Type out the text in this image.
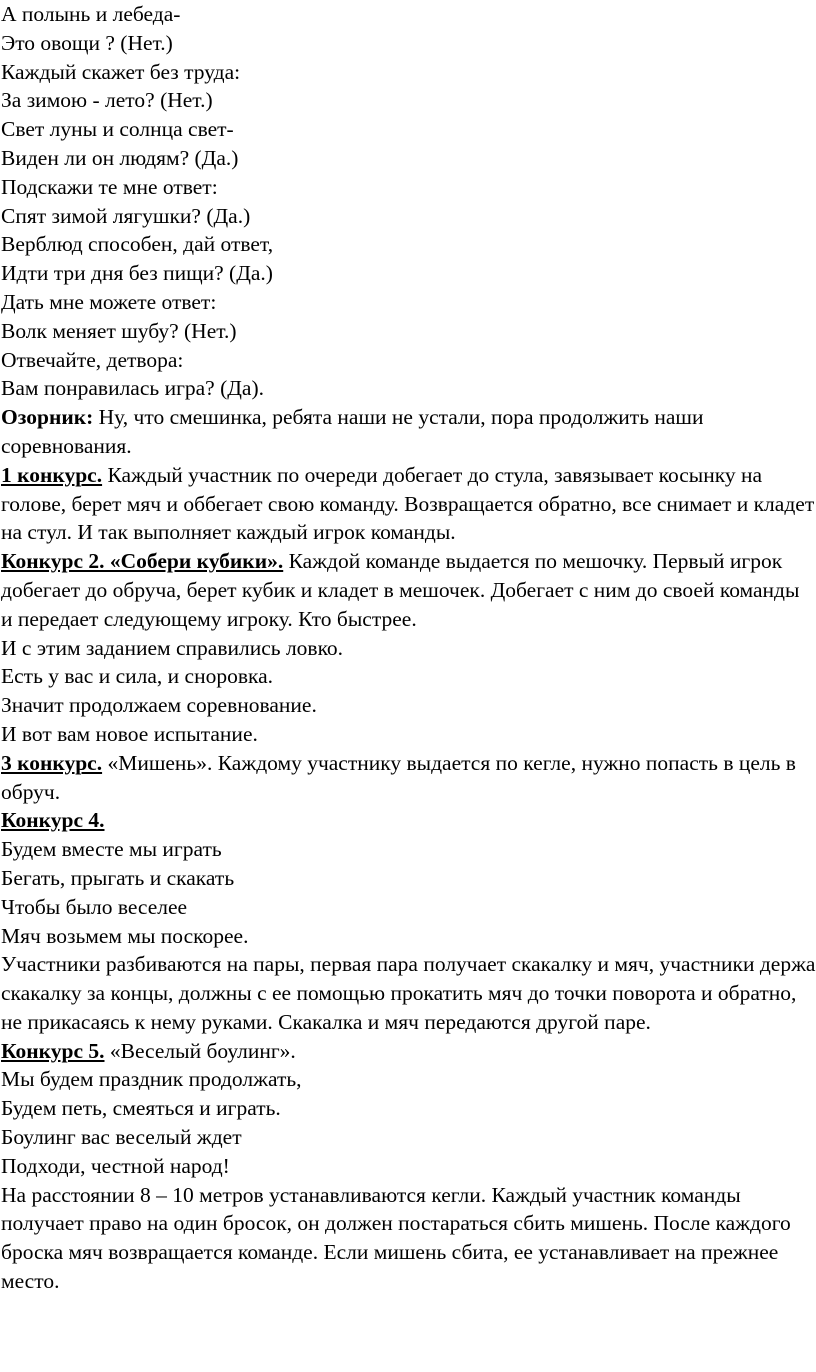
А полынь и лебеда-

Это овощи ? (Нет.)

Каждый скажет без труда:

За зимою - лето? (Нет.)

Свет луны и солнца свет-

Виден ли он людям? (Да.)

Подскажи те мне ответ:

Спят зимой лягушки? (Да.)

Верблюд способен, дай ответ,

Идти три дня без пищи? (Да.)

Дать мне можете ответ:

Волк меняет шубу? (Нет.)

Отвечайте, детвора:

Вам понравилась игра? (Да).

Озорник: Ну, что смешинка, ребята наши не устали, пора продолжить наши соревнования.

1 конкурс. Каждый участник по очереди добегает до стула, завязывает косынку на голове, берет мяч и оббегает свою команду. Возвращается обратно, все снимает и кладет на стул. И так выполняет каждый игрок команды.

Конкурс 2. «Собери кубики». Каждой команде выдается по мешочку. Первый игрок добегает до обруча, берет кубик и кладет в мешочек. Добегает с ним до своей команды и передает следующему игроку. Кто быстрее.

И с этим заданием справились ловко.

Есть у вас и сила, и сноровка.

Значит продолжаем соревнование.

И вот вам новое испытание.

3 конкурс. «Мишень». Каждому участнику выдается по кегле, нужно попасть в цель в обруч.

Конкурс 4.

Будем вместе мы играть

Бегать, прыгать и скакать

Чтобы было веселее

Мяч возьмем мы поскорее.

Участники разбиваются на пары, первая пара получает скакалку и мяч, участники держа скакалку за концы, должны с ее помощью прокатить мяч до точки поворота и обратно, не прикасаясь к нему руками. Скакалка и мяч передаются другой паре.

Конкурс 5. «Веселый боулинг».

Мы будем праздник продолжать,

Будем петь, смеяться и играть.

Боулинг вас веселый ждет

Подходи, честной народ!

На расстоянии 8 – 10 метров устанавливаются кегли. Каждый участник команды получает право на один бросок, он должен постараться сбить мишень. После каждого броска мяч возвращается команде. Если мишень сбита, ее устанавливает на прежнее место.
